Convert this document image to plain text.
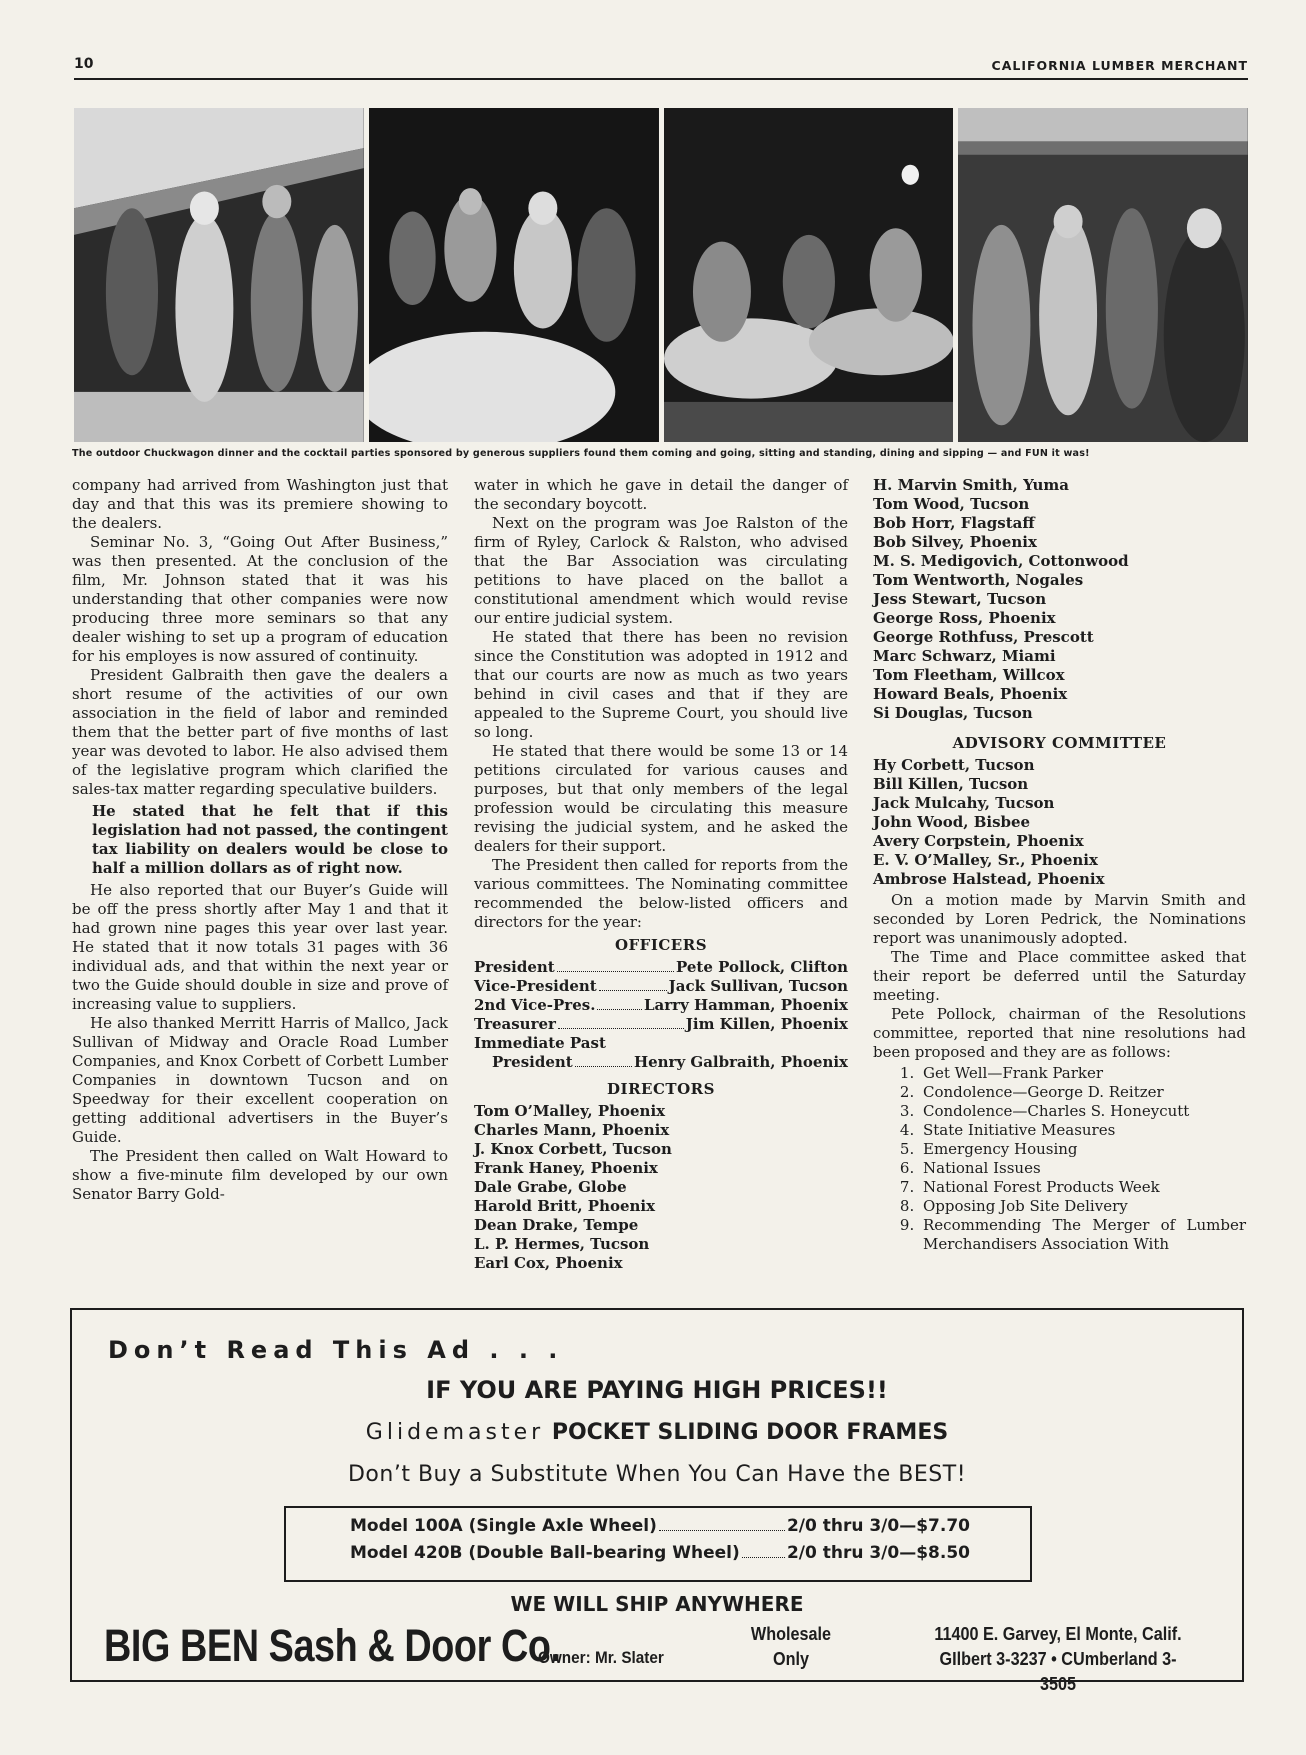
10	CALIFORNIA LUMBER MERCHANT
The outdoor Chuckwagon dinner and the cocktail parties sponsored by generous suppliers found them coming and going, sitting and standing, dining and sipping — and FUN it was!

company had arrived from Washington just that day and that this was its premiere showing to the dealers.

Seminar No. 3, “Going Out After Business,” was then presented. At the conclusion of the film, Mr. Johnson stated that it was his understanding that other companies were now producing three more seminars so that any dealer wishing to set up a program of education for his employes is now assured of continuity.

President Galbraith then gave the dealers a short resume of the activities of our own association in the field of labor and reminded them that the better part of five months of last year was devoted to labor. He also advised them of the legislative program which clarified the sales-tax matter regarding speculative builders.

He stated that he felt that if this legislation had not passed, the contingent tax liability on dealers would be close to half a million dollars as of right now.

He also reported that our Buyer’s Guide will be off the press shortly after May 1 and that it had grown nine pages this year over last year. He stated that it now totals 31 pages with 36 individual ads, and that within the next year or two the Guide should double in size and prove of increasing value to suppliers.

He also thanked Merritt Harris of Mallco, Jack Sullivan of Midway and Oracle Road Lumber Companies, and Knox Corbett of Corbett Lumber Companies in downtown Tucson and on Speedway for their excellent cooperation on getting additional advertisers in the Buyer’s Guide.

The President then called on Walt Howard to show a five-minute film developed by our own Senator Barry Gold-

water in which he gave in detail the danger of the secondary boycott.

Next on the program was Joe Ralston of the firm of Ryley, Carlock & Ralston, who advised that the Bar Association was circulating petitions to have placed on the ballot a constitutional amendment which would revise our entire judicial system.

He stated that there has been no revision since the Constitution was adopted in 1912 and that our courts are now as much as two years behind in civil cases and that if they are appealed to the Supreme Court, you should live so long.

He stated that there would be some 13 or 14 petitions circulated for various causes and purposes, but that only members of the legal profession would be circulating this measure revising the judicial system, and he asked the dealers for their support.

The President then called for reports from the various committees. The Nominating committee recommended the below-listed officers and directors for the year:

OFFICERS
President	Pete Pollock, Clifton
Vice-President	Jack Sullivan, Tucson
2nd Vice-Pres.	Larry Hamman, Phoenix
Treasurer	Jim Killen, Phoenix
Immediate Past
President	Henry Galbraith, Phoenix
DIRECTORS
Tom O’Malley, Phoenix
Charles Mann, Phoenix
J. Knox Corbett, Tucson
Frank Haney, Phoenix
Dale Grabe, Globe
Harold Britt, Phoenix
Dean Drake, Tempe
L. P. Hermes, Tucson
Earl Cox, Phoenix
H. Marvin Smith, Yuma
Tom Wood, Tucson
Bob Horr, Flagstaff
Bob Silvey, Phoenix
M. S. Medigovich, Cottonwood
Tom Wentworth, Nogales
Jess Stewart, Tucson
George Ross, Phoenix
George Rothfuss, Prescott
Marc Schwarz, Miami
Tom Fleetham, Willcox
Howard Beals, Phoenix
Si Douglas, Tucson
ADVISORY COMMITTEE
Hy Corbett, Tucson
Bill Killen, Tucson
Jack Mulcahy, Tucson
John Wood, Bisbee
Avery Corpstein, Phoenix
E. V. O’Malley, Sr., Phoenix
Ambrose Halstead, Phoenix

On a motion made by Marvin Smith and seconded by Loren Pedrick, the Nominations report was unanimously adopted.

The Time and Place committee asked that their report be deferred until the Saturday meeting.

Pete Pollock, chairman of the Resolutions committee, reported that nine resolutions had been proposed and they are as follows:

1. Get Well—Frank Parker
2. Condolence—George D. Reitzer
3. Condolence—Charles S. Honeycutt
4. State Initiative Measures
5. Emergency Housing
6. National Issues
7. National Forest Products Week
8. Opposing Job Site Delivery
9. Recommending The Merger of Lumber Merchandisers Association With
Don’t Read This Ad . . .
IF YOU ARE PAYING HIGH PRICES!!
Glidemaster POCKET SLIDING DOOR FRAMES
Don’t Buy a Substitute When You Can Have the BEST!
Model 100A (Single Axle Wheel)	2/0 thru 3/0—$7.70
Model 420B (Double Ball-bearing Wheel)	2/0 thru 3/0—$8.50
WE WILL SHIP ANYWHERE
BIG BEN Sash & Door Co.
Owner: Mr. Slater
Wholesale
Only
11400 E. Garvey, El Monte, Calif.
GIlbert 3-3237 • CUmberland 3-3505
